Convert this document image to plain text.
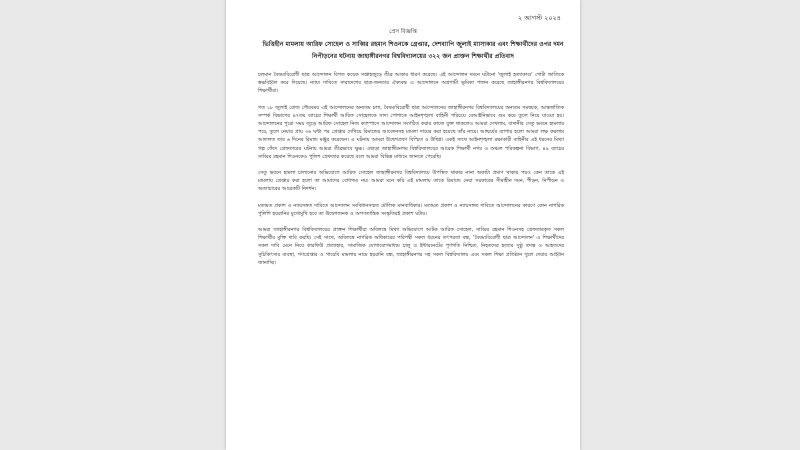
২ আগস্ট ২০২৪
প্রেস বিজ্ঞপ্তি
ভিত্তিহীন মামলায় আরিফ সোহেল ও সাব্বির রহমান শিওনকে গ্রেপ্তার, দেশব্যাপি জুলাই ম্যাসাকার এবং শিক্ষার্থীদের ওপর দমন নিপীড়নের ঘটনায় জাহাঙ্গীরনগর বিশ্ববিদ্যালয়ের ৩২২ জন প্রাক্তন শিক্ষার্থীর প্রতিবাদ

চলমান বৈষম্যবিরোধী ছাত্র আন্দোলন বিগত কয়েক সপ্তাহজুড়ে তীব্র আকার ধারণ করেছে। এই আন্দোলন দমনে ঘটানো 'জুলাই হত্যাকাণ্ড' গোটা জাতিকে স্তব্ধবিহ্বল করে দিয়েছে। ন্যায্য দাবিতে সারাদেশের ছাত্র-জনতার ঐক্যবদ্ধ এ আন্দোলনে অগ্রগামী ভূমিকা পালন করেছে জাহাঙ্গীরনগর বিশ্ববিদ্যালয়ের শিক্ষার্থীরা।

গত ১৮ জুলাই রোজ গৌরবময় এই আন্দোলনের অন্যতম চলা, বৈষম্যবিরোধী ছাত্র আন্দোলনের জাহাঙ্গীরনগর বিশ্ববিদ্যালয়ের অন্যতম সমন্বয়ক, আন্তর্জাতিক সম্পর্ক বিভাগের ৪৭তম ব্যাচের শিক্ষার্থী আরিফ সোহেলকে সাদা পোশাকে আইনশৃঙ্খলা বাহিনী পরিচয়ে বেআইনিভাবে গুম করে তুলে নিয়ে যাওয়া হয়। আন্দোলনের পুরো সময় জুড়ে আরিফ সোহেল নিজ ক্যাম্পাসে আন্দোলন সংগঠিত করার কাজে যুক্ত থাকলেও আমরা দেখলাম, বাদানীর সেতু ভবনে হামলার পরে, তুলে নেয়ার প্রায় ৩৬ ঘন্টা পর গ্রেপ্তার দেখিয়ে রিমান্ডের আবেদনসহ মামলা দায়ের করা হয়েছে তাঁর নামে। আশ্চর্যের ব্যাপার হলো আমরা লক্ষ করলাম আদালত তার ৬ দিনের রিমান্ড মঞ্জুর করেছেন। এ ঘটনায় আমরা উদ্বেগপ্রবণ বিস্মিত ও উদ্বিগ্ন। একই সাথে আইনশৃঙ্খলা রক্ষাকারী বাহিনীর এই ধরনের মিথ্যা গল্প ফেঁদে গ্রেফতারের ঘটনায় আমরা তীব্রভাবে ক্ষুব্ধ। এছাড়া জাহাঙ্গীরনগর বিশ্ববিদ্যালয়ের আরেক শিক্ষার্থী নগর ও অঞ্চল পরিকল্পনা বিভাগ, ৪৯ ব্যাচের সাব্বির রহমান শিওনকেও পুলিশ গ্রেফতার করেছে বলে আমরা বিভিন্ন মাধ্যমে জানতে পেরেছি।

সেতু ভবনে হামলা চালানোর অভিযোগে আরিফ সোহেল জাহাঙ্গীরনগর বিশ্ববিদ্যালয়ে উপস্থিত থাকার নানা অকাট্য প্রমাণ থাকার পরও কেন তাকে এই মামলায় গ্রেপ্তার করা হলো তা আমাদের বোধগম্য নয়। আমরা মনে করি এই মামলায় তাকে রিমান্ডে নেয়া সরকারের সীমাহীন দমন, পীড়ন, নিপীড়ন ও অত্যাচারের আরেকটি নিদর্শন।

মতামত প্রকাশ ও ন্যায়সঙ্গত দাবিতে আন্দোলন সংবিধানসম্মত মৌলিক মানবাধিকার। মতামত প্রকাশ ও ন্যায়সঙ্গত দাবিতে আন্দোলনের কারণে কোন নাগরিক পুলিশি হয়রানির মুখোমুখি হবে তা উদ্বেগজনক ও অগণতান্ত্রিক সংস্কৃতিরই প্রকাশ ঘটায়।

আমরা জাহাঙ্গীরনগর বিশ্ববিদ্যালয়ের প্রাক্তন শিক্ষার্থীরা অবিলম্বে মিথ্যা অভিযোগে আটক আরিফ সোহেল, সাব্বির রহমান শিওনসহ গ্রেফতারকৃত সকল শিক্ষার্থীর মুক্তি দাবি করছি। সেই সাথে, অবিলম্বে নাগরিক অধিকারের পরিপন্থী সকল ধরনের তৎপরতা বন্ধ, 'বৈষম্যবিরোধী ছাত্র আন্দোলন' এ শিক্ষার্থীদের সকল দাবি মেনে নিয়ে কারফিউ প্রত্যাহার, সামাজিক যোগাযোগমাধ্যম চালু ও ইন্টারনেটের পূর্ণগতি নিশ্চিত, নিহতদের হত্যার সুষ্ঠু তদন্ত ও আহতদের সুচিকিৎসার ব্যবস্থা, গণগ্রেপ্তার ও গায়েবি মামলার নামে হয়রানি বন্ধ, জাহাঙ্গীরনগর সহ সকল বিশ্ববিদ্যালয় এবং সকল শিক্ষা প্রতিষ্ঠান খুলে দেয়ার আহ্বান জানাচ্ছি।
